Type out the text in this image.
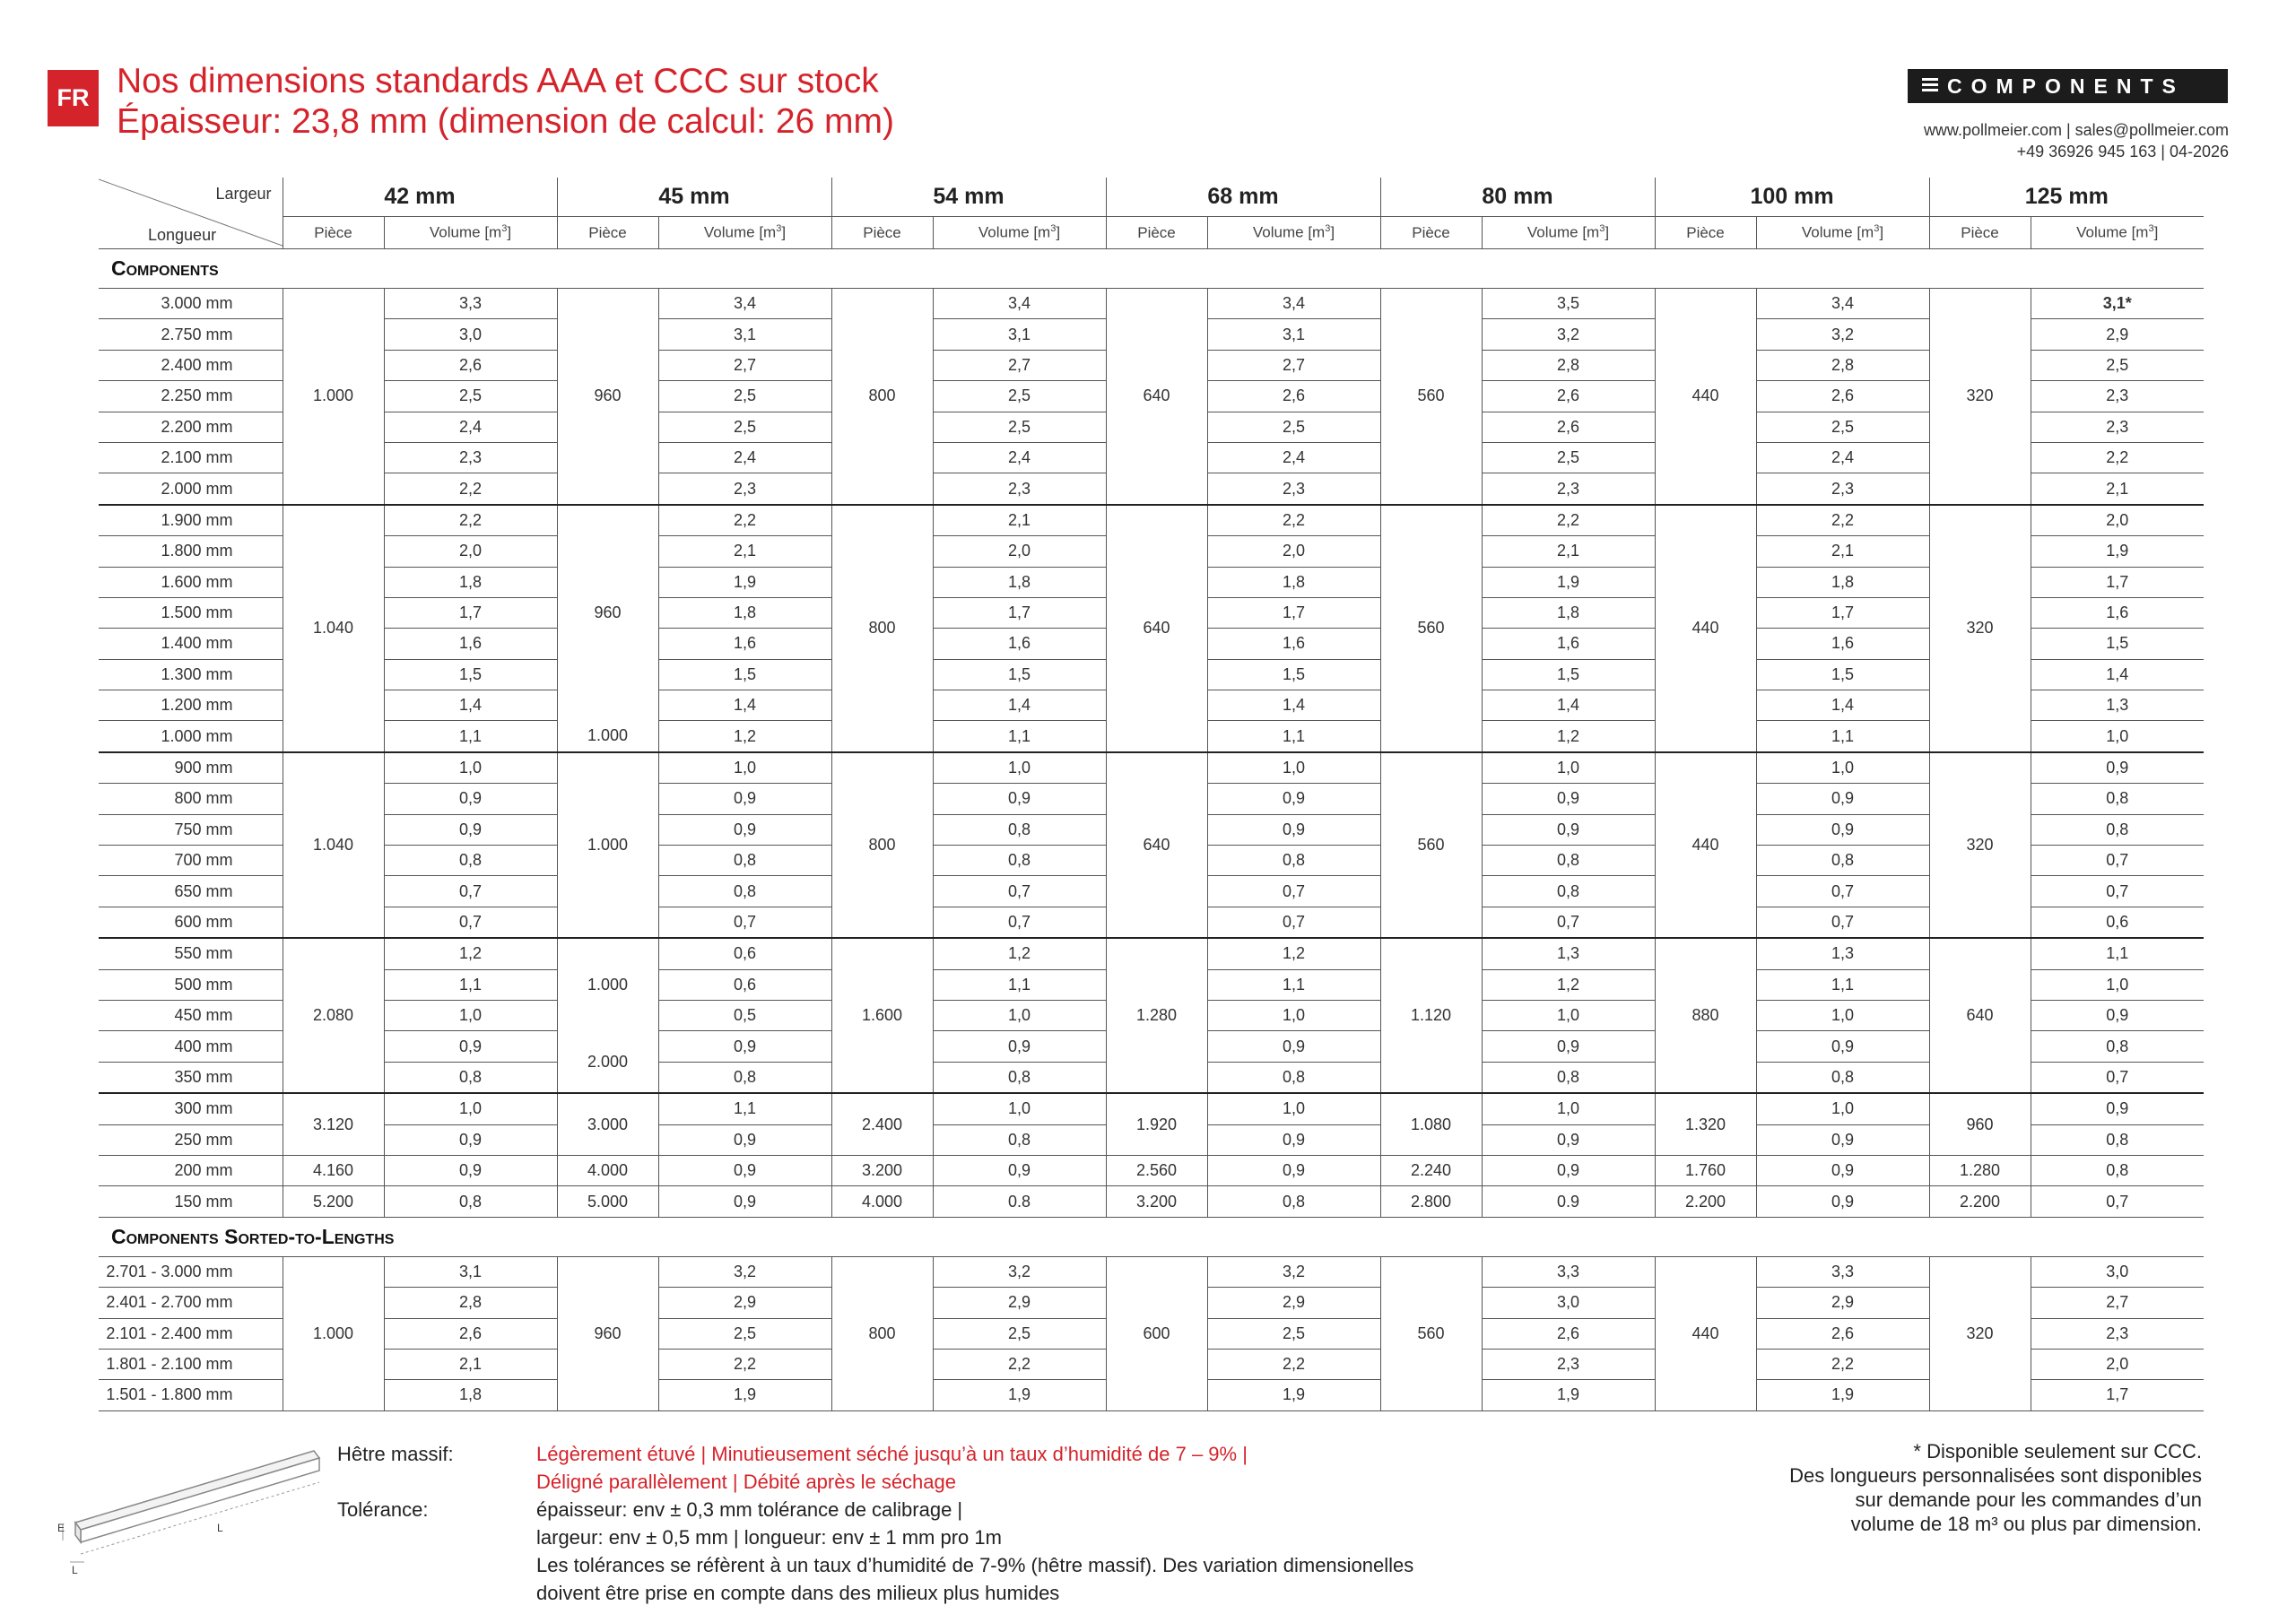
FR Nos dimensions standards AAA et CCC sur stock
Épaisseur: 23,8 mm (dimension de calcul: 26 mm)
COMPONENTS
www.pollmeier.com | sales@pollmeier.com
+49 36926 945 163 | 04-2026
Largeur
Longueur	42 mm		45 mm		54 mm		68 mm		80 mm		100 mm		125 mm	
	Pièce	Volume $[m^3]$	Pièce	Volume $[m^3]$	Pièce	Volume $[m^3]$	Pièce	Volume $[m^3]$	Pièce	Volume $[m^3]$	Pièce	Volume $[m^3]$	Pièce	Volume $[m^3]$
Components														
3.000 mm	1.000	3,3	960	3,4	800	3,4	640	3,4	560	3,5	440	3,4	320	3,1*
2.750 mm		3,0		3,1		3,1		3,1		3,2		3,2		2,9
2.400 mm		2,6		2,7		2,7		2,7		2,8		2,8		2,5
2.250 mm		2,5		2,5		2,5		2,6		2,6		2,6		2,3
2.200 mm		2,4		2,5		2,5		2,5		2,6		2,5		2,3
2.100 mm		2,3		2,4		2,4		2,4		2,5		2,4		2,2
2.000 mm		2,2		2,3		2,3		2,3		2,3		2,3		2,1
1.900 mm	1.040	2,2	960	2,2	800	2,1	640	2,2	560	2,2	440	2,2	320	2,0
1.800 mm		2,0		2,1		2,0		2,0		2,1		2,1		1,9
1.600 mm		1,8		1,9		1,8		1,8		1,9		1,8		1,7
1.500 mm		1,7		1,8		1,7		1,7		1,8		1,7		1,6
1.400 mm		1,6		1,6		1,6		1,6		1,6		1,6		1,5
1.300 mm		1,5		1,5		1,5		1,5		1,5		1,5		1,4
1.200 mm		1,4		1,4		1,4		1,4		1,4		1,4		1,3
1.000 mm		1,1	1.000	1,2		1,1		1,1		1,2		1,1		1,0
900 mm	1.040	1,0	1.000	1,0	800	1,0	640	1,0	560	1,0	440	1,0	320	0,9
800 mm		0,9		0,9		0,9		0,9		0,9		0,9		0,8
750 mm		0,9		0,9		0,8		0,9		0,9		0,9		0,8
700 mm		0,8		0,8		0,8		0,8		0,8		0,8		0,7
650 mm		0,7		0,8		0,7		0,7		0,8		0,7		0,7
600 mm		0,7		0,7		0,7		0,7		0,7		0,7		0,6
550 mm	2.080	1,2	1.000	0,6	1.600	1,2	1.280	1,2	1.120	1,3	880	1,3	640	1,1
500 mm		1,1		0,6		1,1		1,1		1,2		1,1		1,0
450 mm		1,0		0,5		1,0		1,0		1,0		1,0		0,9
400 mm		0,9	2.000	0,9		0,9		0,9		0,9		0,9		0,8
350 mm		0,8		0,8		0,8		0,8		0,8		0,8		0,7
300 mm	3.120	1,0	3.000	1,1	2.400	1,0	1.920	1,0	1.080	1,0	1.320	1,0	960	0,9
250 mm		0,9		0,9		0,8		0,9		0,9		0,9		0,8
200 mm	4.160	0,9	4.000	0,9	3.200	0,9	2.560	0,9	2.240	0,9	1.760	0,9	1.280	0,8
150 mm	5.200	0,8	5.000	0,9	4.000	0.8	3.200	0,8	2.800	0.9	2.200	0,9	2.200	0,7
Components Sorted-to-Lengths														
2.701 - 3.000 mm	1.000	3,1	960	3,2	800	3,2	600	3,2	560	3,3	440	3,3	320	3,0
2.401 - 2.700 mm		2,8		2,9		2,9		2,9		3,0		2,9		2,7
2.101 - 2.400 mm		2,6		2,5		2,5		2,5		2,6		2,6		2,3
1.801 - 2.100 mm		2,1		2,2		2,2		2,2		2,3		2,2		2,0
1.501 - 1.800 mm		1,8		1,9		1,9		1,9		1,9		1,9		1,7
E	L
L
Hêtre massif:
Tolérance:
Légèrement étuvé | Minutieusement séché jusqu’à un taux d’humidité de 7 – 9% |
Déligné parallèlement | Débité après le séchage
épaisseur: env ± 0,3 mm tolérance de calibrage |
largeur: env ± 0,5 mm | longueur: env ± 1 mm pro 1m
Les tolérances se réfèrent à un taux d’humidité de 7-9% (hêtre massif). Des variation dimensionelles
doivent être prise en compte dans des milieux plus humides
* Disponible seulement sur CCC.
Des longueurs personnalisées sont disponibles
sur demande pour les commandes d’un
volume de 18 m³ ou plus par dimension.
